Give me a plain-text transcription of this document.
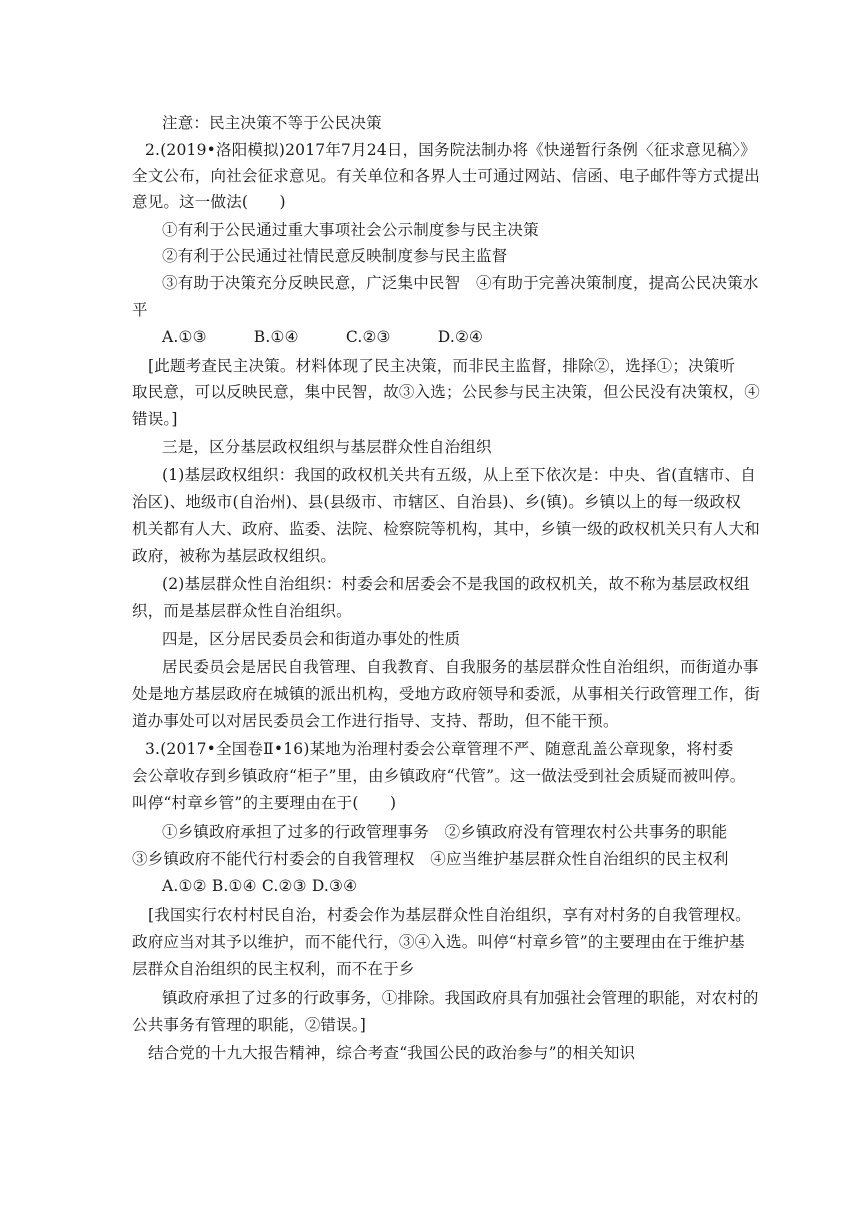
注意：民主决策不等于公民决策
2.(2019•洛阳模拟)2017年7月24日，国务院法制办将《快递暂行条例〈征求意见稿〉》
全文公布，向社会征求意见。有关单位和各界人士可通过网站、信函、电子邮件等方式提出
意见。这一做法(　　)
①有利于公民通过重大事项社会公示制度参与民主决策
②有利于公民通过社情民意反映制度参与民主监督
③有助于决策充分反映民意，广泛集中民智　④有助于完善决策制度，提高公民决策水
平
A.①③　　　B.①④　　　C.②③　　　D.②④
[此题考查民主决策。材料体现了民主决策，而非民主监督，排除②，选择①；决策听
取民意，可以反映民意，集中民智，故③入选；公民参与民主决策，但公民没有决策权，④
错误。]
三是，区分基层政权组织与基层群众性自治组织
(1)基层政权组织：我国的政权机关共有五级，从上至下依次是：中央、省(直辖市、自
治区)、地级市(自治州)、县(县级市、市辖区、自治县)、乡(镇)。乡镇以上的每一级政权
机关都有人大、政府、监委、法院、检察院等机构，其中，乡镇一级的政权机关只有人大和
政府，被称为基层政权组织。
(2)基层群众性自治组织：村委会和居委会不是我国的政权机关，故不称为基层政权组
织，而是基层群众性自治组织。
四是，区分居民委员会和街道办事处的性质
居民委员会是居民自我管理、自我教育、自我服务的基层群众性自治组织，而街道办事
处是地方基层政府在城镇的派出机构，受地方政府领导和委派，从事相关行政管理工作，街
道办事处可以对居民委员会工作进行指导、支持、帮助，但不能干预。
3.(2017•全国卷Ⅱ•16)某地为治理村委会公章管理不严、随意乱盖公章现象，将村委
会公章收存到乡镇政府“柜子”里，由乡镇政府“代管”。这一做法受到社会质疑而被叫停。
叫停“村章乡管”的主要理由在于(　　)
①乡镇政府承担了过多的行政管理事务　②乡镇政府没有管理农村公共事务的职能
③乡镇政府不能代行村委会的自我管理权　④应当维护基层群众性自治组织的民主权利
A.①② B.①④ C.②③ D.③④
[我国实行农村村民自治，村委会作为基层群众性自治组织，享有对村务的自我管理权。
政府应当对其予以维护，而不能代行，③④入选。叫停“村章乡管”的主要理由在于维护基
层群众自治组织的民主权利，而不在于乡
镇政府承担了过多的行政事务，①排除。我国政府具有加强社会管理的职能，对农村的
公共事务有管理的职能，②错误。]
结合党的十九大报告精神，综合考查“我国公民的政治参与”的相关知识
